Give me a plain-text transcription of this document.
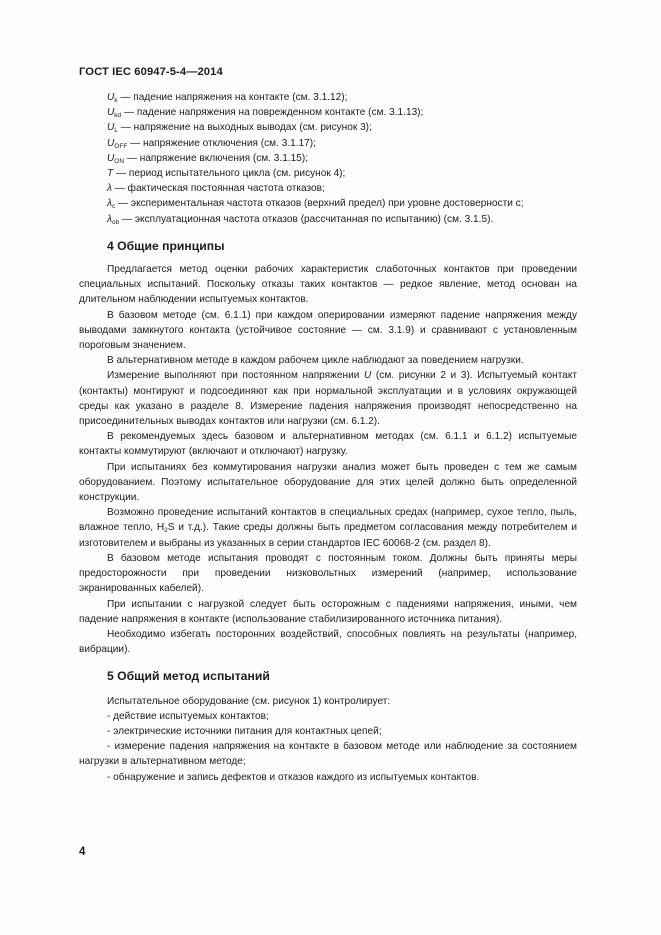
ГОСТ IEC 60947-5-4—2014
$U_k$ — падение напряжения на контакте (см. 3.1.12);
$U_{kd}$ — падение напряжения на поврежденном контакте (см. 3.1.13);
$U_L$ — напряжение на выходных выводах (см. рисунок 3);
$U_{OFF}$ — напряжение отключения (см. 3.1.17);
$U_{ON}$ — напряжение включения (см. 3.1.15);
T — период испытательного цикла (см. рисунок 4);
λ — фактическая постоянная частота отказов;
$\lambda_c$ — экспериментальная частота отказов (верхний предел) при уровне достоверности c;
$\lambda_{ob}$ — эксплуатационная частота отказов (рассчитанная по испытанию) (см. 3.1.5).
4 Общие принципы

Предлагается метод оценки рабочих характеристик слаботочных контактов при проведении специальных испытаний. Поскольку отказы таких контактов — редкое явление, метод основан на длительном наблюдении испытуемых контактов.

В базовом методе (см. 6.1.1) при каждом оперировании измеряют падение напряжения между выводами замкнутого контакта (устойчивое состояние — см. 3.1.9) и сравнивают с установленным пороговым значением.

В альтернативном методе в каждом рабочем цикле наблюдают за поведением нагрузки.

Измерение выполняют при постоянном напряжении U (см. рисунки 2 и 3). Испытуемый контакт (контакты) монтируют и подсоединяют как при нормальной эксплуатации и в условиях окружающей среды как указано в разделе 8. Измерение падения напряжения производят непосредственно на присоединительных выводах контактов или нагрузки (см. 6.1.2).

В рекомендуемых здесь базовом и альтернативном методах (см. 6.1.1 и 6.1.2) испытуемые контакты коммутируют (включают и отключают) нагрузку.

При испытаниях без коммутирования нагрузки анализ может быть проведен с тем же самым оборудованием. Поэтому испытательное оборудование для этих целей должно быть определенной конструкции.

Возможно проведение испытаний контактов в специальных средах (например, сухое тепло, пыль, влажное тепло, $H_2S$ и т.д.). Такие среды должны быть предметом согласования между потребителем и изготовителем и выбраны из указанных в серии стандартов IEC 60068-2 (см. раздел 8).

В базовом методе испытания проводят с постоянным током. Должны быть приняты меры предосторожности при проведении низковольтных измерений (например, использование экранированных кабелей).

При испытании с нагрузкой следует быть осторожным с падениями напряжения, иными, чем падение напряжения в контакте (использование стабилизированного источника питания).

Необходимо избегать посторонних воздействий, способных повлиять на результаты (например, вибрации).

5 Общий метод испытаний

Испытательное оборудование (см. рисунок 1) контролирует:

- действие испытуемых контактов;
- электрические источники питания для контактных цепей;
- измерение падения напряжения на контакте в базовом методе или наблюдение за состоянием нагрузки в альтернативном методе;
- обнаружение и запись дефектов и отказов каждого из испытуемых контактов.
4
